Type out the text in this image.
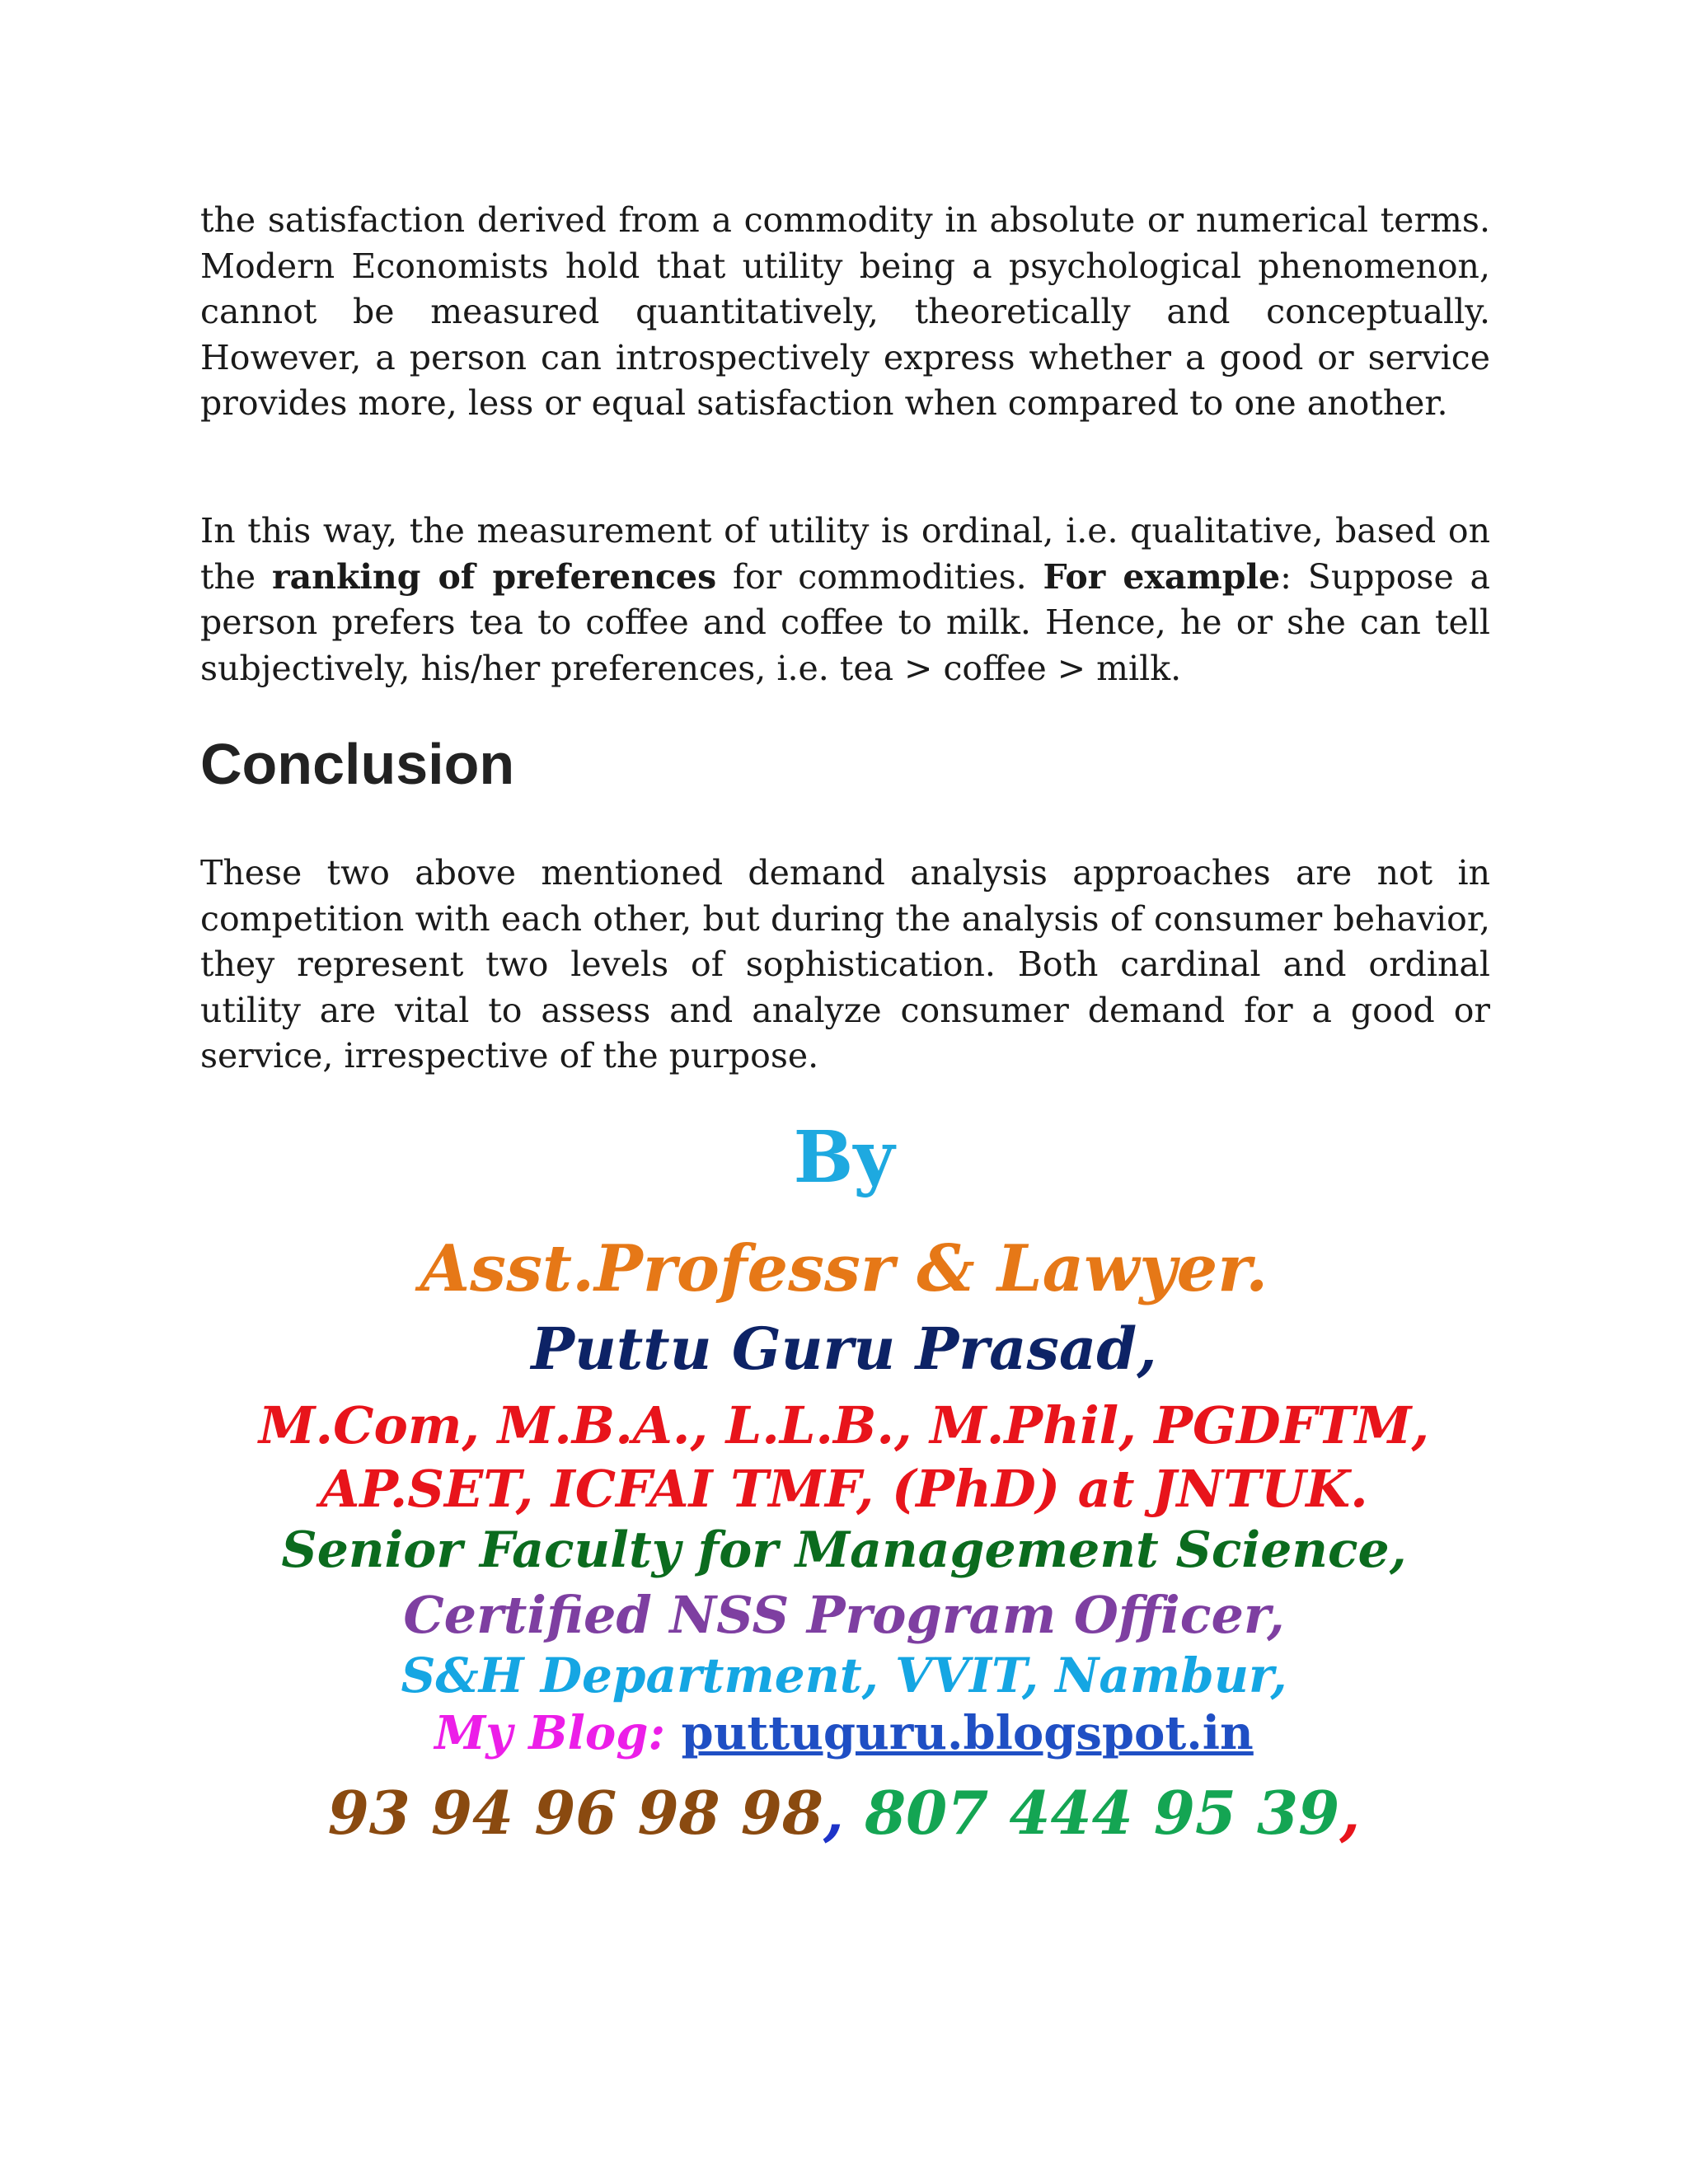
the satisfaction derived from a commodity in absolute or numerical terms. Modern Economists hold that utility being a psychological phenomenon, cannot be measured quantitatively, theoretically and conceptually. However, a person can introspectively express whether a good or service provides more, less or equal satisfaction when compared to one another.

In this way, the measurement of utility is ordinal, i.e. qualitative, based on the ranking of preferences for commodities. For example: Suppose a person prefers tea to coffee and coffee to milk. Hence, he or she can tell subjectively, his/her preferences, i.e. tea > coffee > milk.

Conclusion

These two above mentioned demand analysis approaches are not in competition with each other, but during the analysis of consumer behavior, they represent two levels of sophistication. Both cardinal and ordinal utility are vital to assess and analyze consumer demand for a good or service, irrespective of the purpose.

By

Asst.Professr & Lawyer.

Puttu Guru Prasad,

M.Com, M.B.A., L.L.B., M.Phil, PGDFTM,

AP.SET, ICFAI TMF, (PhD) at JNTUK.

Senior Faculty for Management Science,

Certified NSS Program Officer,

S&H Department, VVIT, Nambur,

My Blog: puttuguru.blogspot.in

93 94 96 98 98, 807 444 95 39,
